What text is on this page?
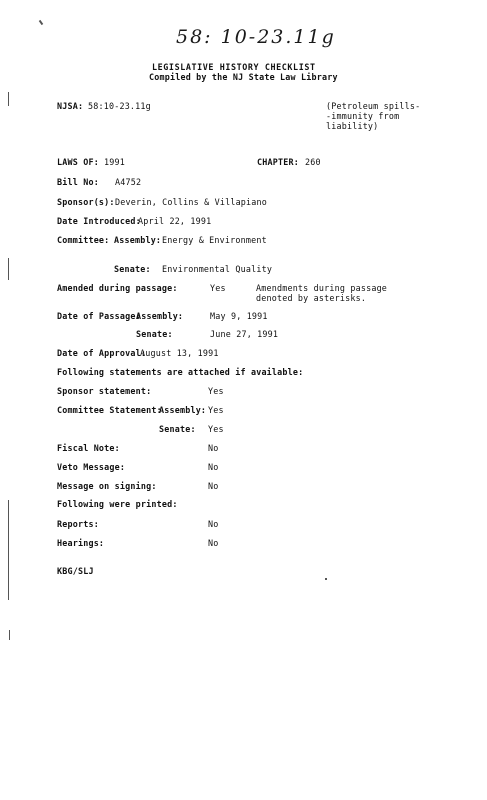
58: 10-23.11g
LEGISLATIVE HISTORY CHECKLIST
Compiled by the NJ State Law Library
NJSA: 58:10-23.11g	(Petroleum spills-
-immunity from
liability)
LAWS OF: 1991	CHAPTER: 260
Bill No: A4752
Sponsor(s): Deverin, Collins & Villapiano
Date Introduced:
April 22, 1991
Committee: Assembly: Energy & Environment
Senate: Environmental Quality
Amended during passage:	Yes	Amendments during passage
denoted by asterisks.
Date of Passage:
Assembly:	May 9, 1991
Senate:	June 27, 1991
Date of Approval:
August 13, 1991
Following statements are attached if available:
Sponsor statement:	Yes
Committee Statement:
Assembly: Yes
Senate: Yes
Fiscal Note:	No
Veto Message:	No
Message on signing:	No
Following were printed:
Reports:	No
Hearings:	No
KBG/SLJ
